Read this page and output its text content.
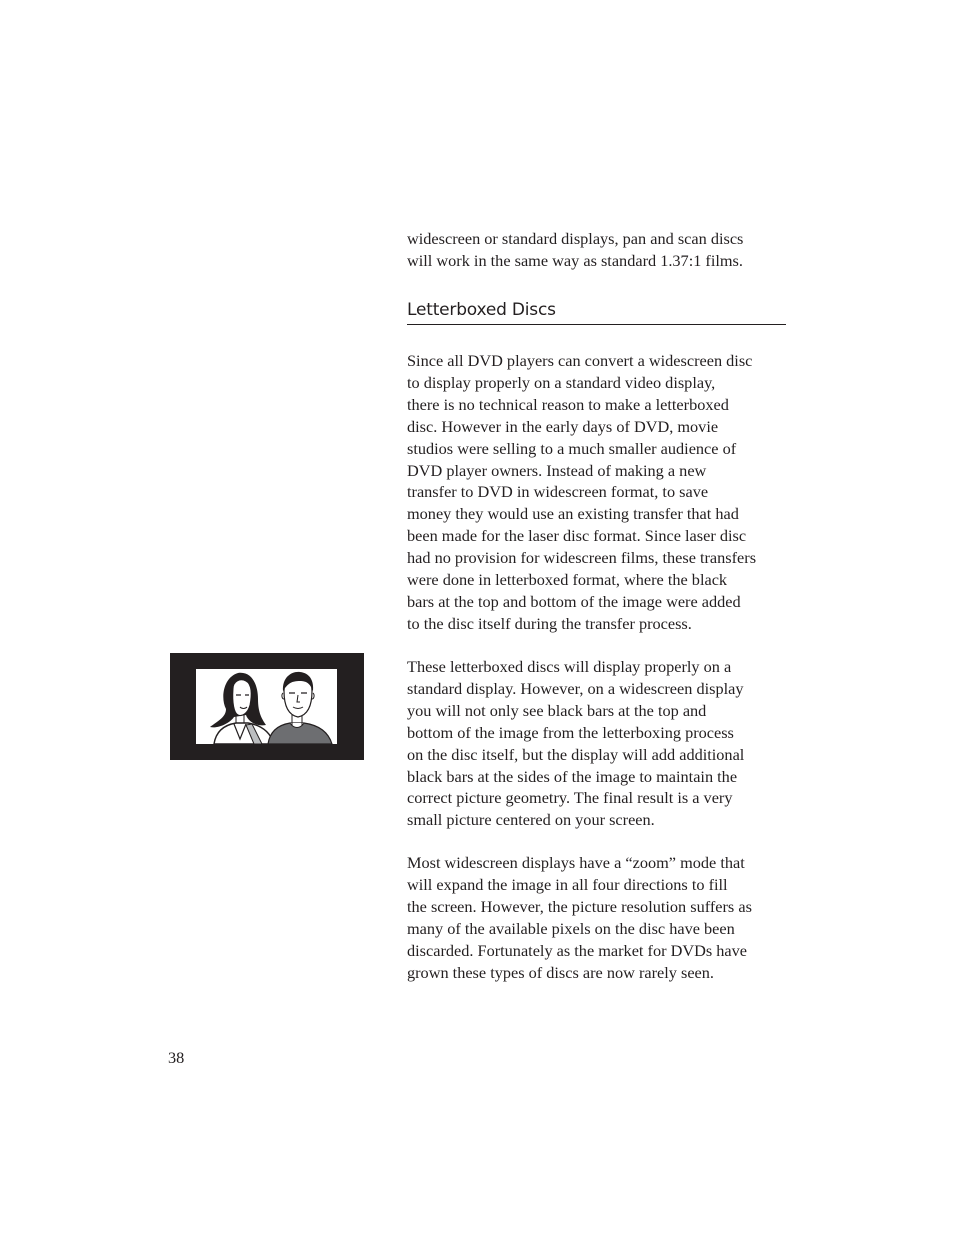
widescreen or standard displays, pan and scan discs
will work in the same way as standard 1.37:1 films.

Letterboxed Discs

Since all DVD players can convert a widescreen disc
to display properly on a standard video display,
there is no technical reason to make a letterboxed
disc. However in the early days of DVD, movie
studios were selling to a much smaller audience of
DVD player owners. Instead of making a new
transfer to DVD in widescreen format, to save
money they would use an existing transfer that had
been made for the laser disc format. Since laser disc
had no provision for widescreen films, these transfers
were done in letterboxed format, where the black
bars at the top and bottom of the image were added
to the disc itself during the transfer process.

These letterboxed discs will display properly on a
standard display. However, on a widescreen display
you will not only see black bars at the top and
bottom of the image from the letterboxing process
on the disc itself, but the display will add additional
black bars at the sides of the image to maintain the
correct picture geometry. The final result is a very
small picture centered on your screen.

Most widescreen displays have a “zoom” mode that
will expand the image in all four directions to fill
the screen. However, the picture resolution suffers as
many of the available pixels on the disc have been
discarded. Fortunately as the market for DVDs have
grown these types of discs are now rarely seen.

38
